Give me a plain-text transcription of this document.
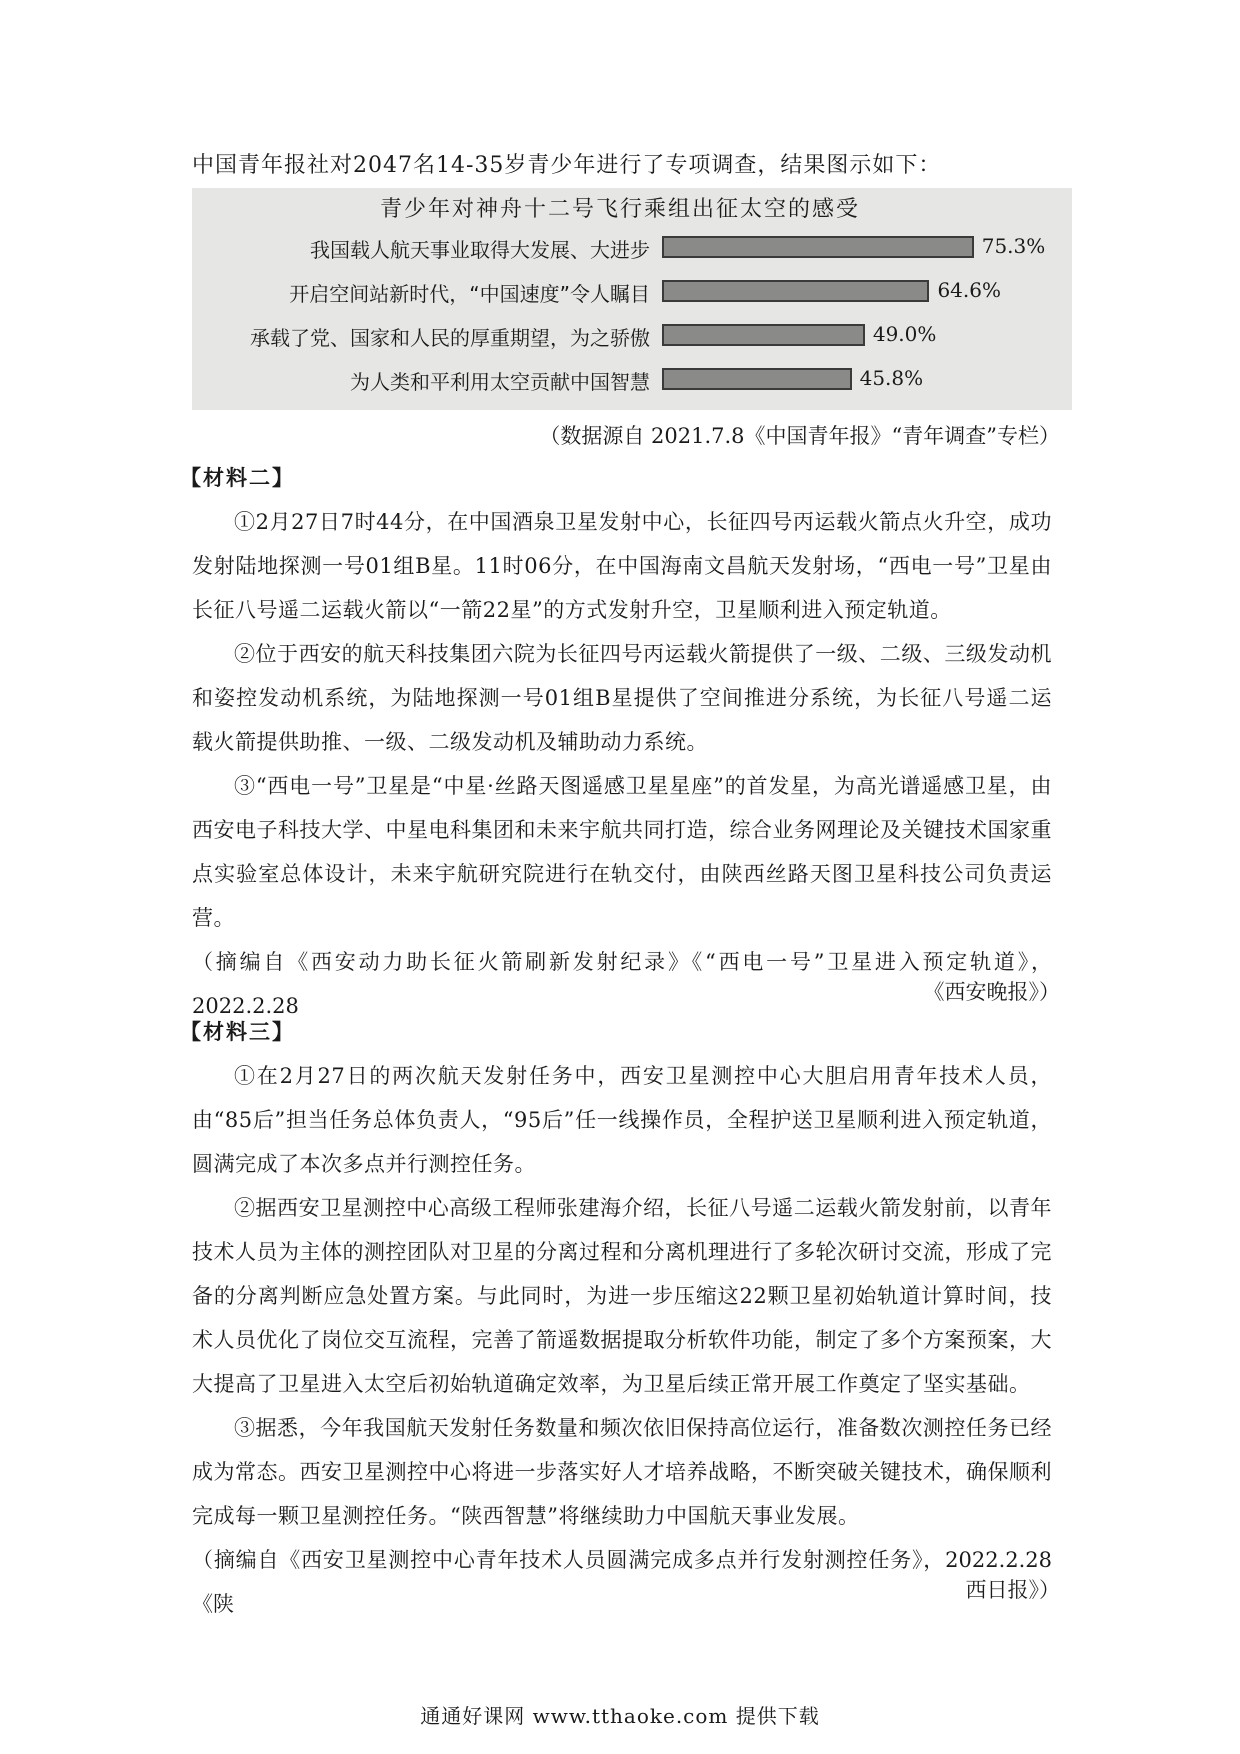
中国青年报社对2047名14-35岁青少年进行了专项调查，结果图示如下：
青少年对神舟十二号飞行乘组出征太空的感受
我国载人航天事业取得大发展、大进步	75.3%
开启空间站新时代，“中国速度”令人瞩目	64.6%
承载了党、国家和人民的厚重期望，为之骄傲	49.0%
为人类和平利用太空贡献中国智慧	45.8%
（数据源自 2021.7.8《中国青年报》“青年调查”专栏）
【材料二】
①2月27日7时44分，在中国酒泉卫星发射中心，长征四号丙运载火箭点火升空，成功发射陆地探测一号01组B星。11时06分，在中国海南文昌航天发射场，“西电一号”卫星由长征八号遥二运载火箭以“一箭22星”的方式发射升空，卫星顺利进入预定轨道。
②位于西安的航天科技集团六院为长征四号丙运载火箭提供了一级、二级、三级发动机和姿控发动机系统，为陆地探测一号01组B星提供了空间推进分系统，为长征八号遥二运载火箭提供助推、一级、二级发动机及辅助动力系统。
③“西电一号”卫星是“中星·丝路天图遥感卫星星座”的首发星，为高光谱遥感卫星，由西安电子科技大学、中星电科集团和未来宇航共同打造，综合业务网理论及关键技术国家重点实验室总体设计，未来宇航研究院进行在轨交付，由陕西丝路天图卫星科技公司负责运营。
（摘编自《西安动力助长征火箭刷新发射纪录》《“西电一号”卫星进入预定轨道》，2022.2.28
《西安晚报》）
【材料三】
①在2月27日的两次航天发射任务中，西安卫星测控中心大胆启用青年技术人员，由“85后”担当任务总体负责人，“95后”任一线操作员，全程护送卫星顺利进入预定轨道，圆满完成了本次多点并行测控任务。
②据西安卫星测控中心高级工程师张建海介绍，长征八号遥二运载火箭发射前，以青年技术人员为主体的测控团队对卫星的分离过程和分离机理进行了多轮次研讨交流，形成了完备的分离判断应急处置方案。与此同时，为进一步压缩这22颗卫星初始轨道计算时间，技术人员优化了岗位交互流程，完善了箭遥数据提取分析软件功能，制定了多个方案预案，大大提高了卫星进入太空后初始轨道确定效率，为卫星后续正常开展工作奠定了坚实基础。
③据悉，今年我国航天发射任务数量和频次依旧保持高位运行，准备数次测控任务已经成为常态。西安卫星测控中心将进一步落实好人才培养战略，不断突破关键技术，确保顺利完成每一颗卫星测控任务。“陕西智慧”将继续助力中国航天事业发展。
（摘编自《西安卫星测控中心青年技术人员圆满完成多点并行发射测控任务》，2022.2.28《陕
西日报》）
通通好课网 www.tthaoke.com 提供下载
